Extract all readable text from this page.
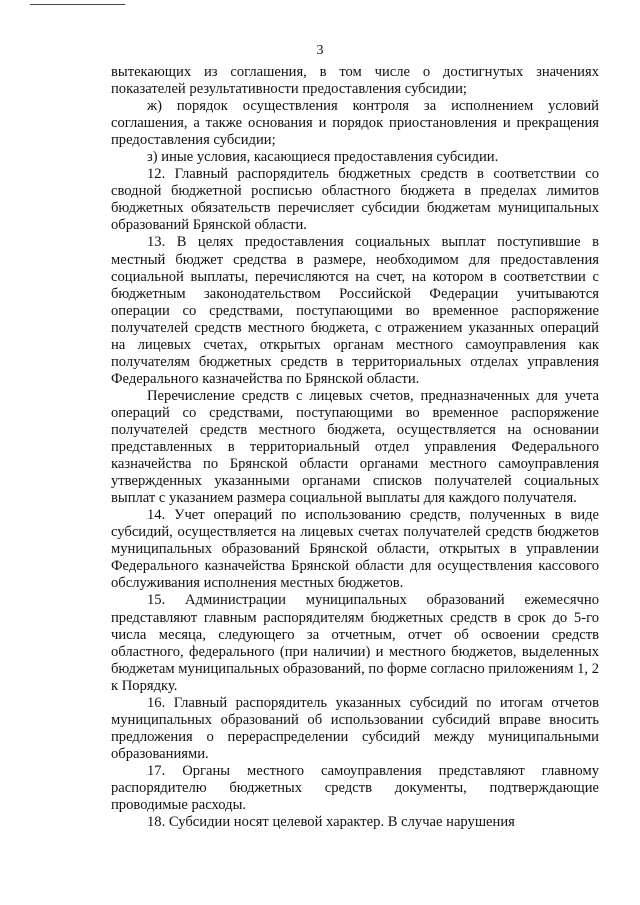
3

вытекающих из соглашения, в том числе о достигнутых значениях показателей результативности предоставления субсидии;

ж) порядок осуществления контроля за исполнением условий соглашения, а также основания и порядок приостановления и прекращения предоставления субсидии;

з) иные условия, касающиеся предоставления субсидии.

12. Главный распорядитель бюджетных средств в соответствии со сводной бюджетной росписью областного бюджета в пределах лимитов бюджетных обязательств перечисляет субсидии бюджетам муниципальных образований Брянской области.

13. В целях предоставления социальных выплат поступившие в местный бюджет средства в размере, необходимом для предоставления социальной выплаты, перечисляются на счет, на котором в соответствии с бюджетным законодательством Российской Федерации учитываются операции со средствами, поступающими во временное распоряжение получателей средств местного бюджета, с отражением указанных операций на лицевых счетах, открытых органам местного самоуправления как получателям бюджетных средств в территориальных отделах управления Федерального казначейства по Брянской области.

Перечисление средств с лицевых счетов, предназначенных для учета операций со средствами, поступающими во временное распоряжение получателей средств местного бюджета, осуществляется на основании представленных в территориальный отдел управления Федерального казначейства по Брянской области органами местного самоуправления утвержденных указанными органами списков получателей социальных выплат с указанием размера социальной выплаты для каждого получателя.

14. Учет операций по использованию средств, полученных в виде субсидий, осуществляется на лицевых счетах получателей средств бюджетов муниципальных образований Брянской области, открытых в управлении Федерального казначейства Брянской области для осуществления кассового обслуживания исполнения местных бюджетов.

15. Администрации муниципальных образований ежемесячно представляют главным распорядителям бюджетных средств в срок до 5-го числа месяца, следующего за отчетным, отчет об освоении средств областного, федерального (при наличии) и местного бюджетов, выделенных бюджетам муниципальных образований, по форме согласно приложениям 1, 2 к Порядку.

16. Главный распорядитель указанных субсидий по итогам отчетов муниципальных образований об использовании субсидий вправе вносить предложения о перераспределении субсидий между муниципальными образованиями.

17. Органы местного самоуправления представляют главному распорядителю бюджетных средств документы, подтверждающие проводимые расходы.

18. Субсидии носят целевой характер. В случае нарушения
